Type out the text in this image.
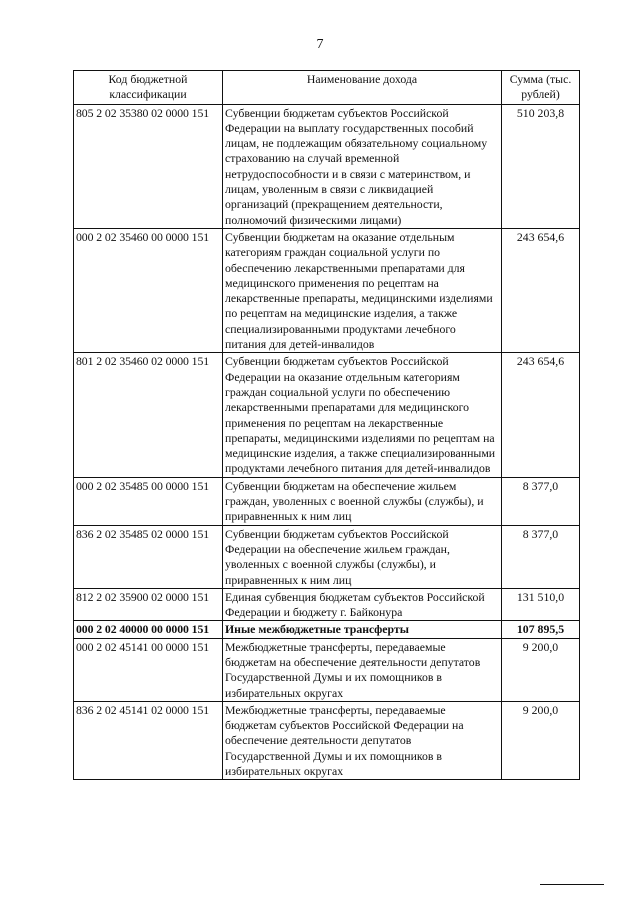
7
Код бюджетной классификации	Наименование дохода	Сумма (тыс. рублей)
805 2 02 35380 02 0000 151	Субвенции бюджетам субъектов Российской Федерации на выплату государственных пособий лицам, не подлежащим обязательному социальному страхованию на случай временной нетрудоспособности и в связи с материнством, и лицам, уволенным в связи с ликвидацией организаций (прекращением деятельности, полномочий физическими лицами)	510 203,8
000 2 02 35460 00 0000 151	Субвенции бюджетам на оказание отдельным категориям граждан социальной услуги по обеспечению лекарственными препаратами для медицинского применения по рецептам на лекарственные препараты, медицинскими изделиями по рецептам на медицинские изделия, а также специализированными продуктами лечебного питания для детей-инвалидов	243 654,6
801 2 02 35460 02 0000 151	Субвенции бюджетам субъектов Российской Федерации на оказание отдельным категориям граждан социальной услуги по обеспечению лекарственными препаратами для медицинского применения по рецептам на лекарственные препараты, медицинскими изделиями по рецептам на медицинские изделия, а также специализированными продуктами лечебного питания для детей-инвалидов	243 654,6
000 2 02 35485 00 0000 151	Субвенции бюджетам на обеспечение жильем граждан, уволенных с военной службы (службы), и приравненных к ним лиц	8 377,0
836 2 02 35485 02 0000 151	Субвенции бюджетам субъектов Российской Федерации на обеспечение жильем граждан, уволенных с военной службы (службы), и приравненных к ним лиц	8 377,0
812 2 02 35900 02 0000 151	Единая субвенция бюджетам субъектов Российской Федерации и бюджету г. Байконура	131 510,0
000 2 02 40000 00 0000 151	Иные межбюджетные трансферты	107 895,5
000 2 02 45141 00 0000 151	Межбюджетные трансферты, передаваемые бюджетам на обеспечение деятельности депутатов Государственной Думы и их помощников в избирательных округах	9 200,0
836 2 02 45141 02 0000 151	Межбюджетные трансферты, передаваемые бюджетам субъектов Российской Федерации на обеспечение деятельности депутатов Государственной Думы и их помощников в избирательных округах	9 200,0
